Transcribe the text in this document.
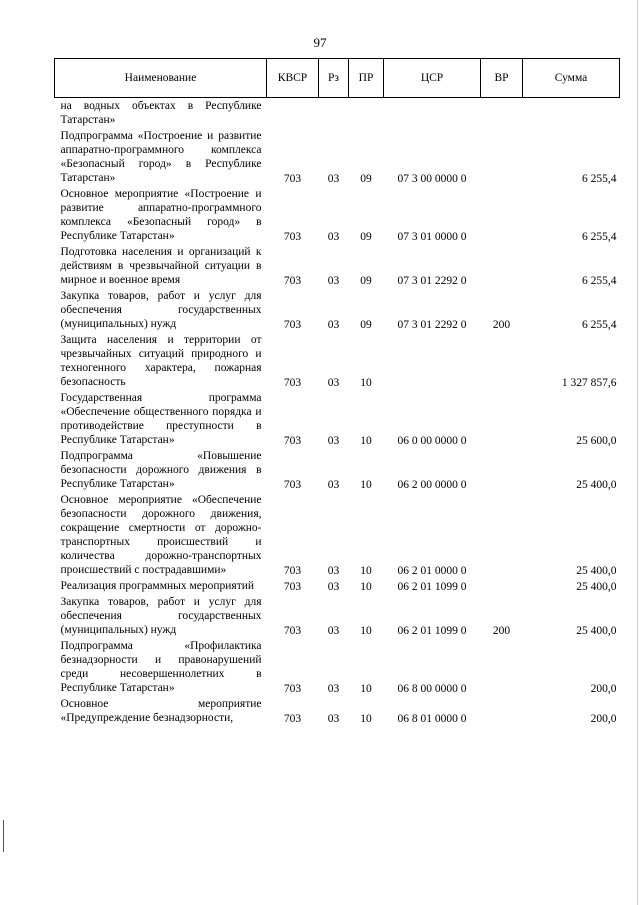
97
Наименование	КВСР	Рз	ПР	ЦСР	ВР	Сумма
на водных объектах в Республике Татарстан»						
Подпрограмма «Построение и развитие аппаратно-программного комплекса «Безопасный город» в Республике Татарстан»	703	03	09	07 3 00 0000 0		6 255,4
Основное мероприятие «Построение и развитие аппаратно-программного комплекса «Безопасный город» в Республике Татарстан»	703	03	09	07 3 01 0000 0		6 255,4
Подготовка населения и организаций к действиям в чрезвычайной ситуации в мирное и военное время	703	03	09	07 3 01 2292 0		6 255,4
Закупка товаров, работ и услуг для обеспечения государственных (муниципальных) нужд	703	03	09	07 3 01 2292 0	200	6 255,4
Защита населения и территории от чрезвычайных ситуаций природного и техногенного характера, пожарная безопасность	703	03	10			1 327 857,6
Государственная программа «Обеспечение общественного порядка и противодействие преступности в Республике Татарстан»	703	03	10	06 0 00 0000 0		25 600,0
Подпрограмма «Повышение безопасности дорожного движения в Республике Татарстан»	703	03	10	06 2 00 0000 0		25 400,0
Основное мероприятие «Обеспечение безопасности дорожного движения, сокращение смертности от дорожно-транспортных происшествий и количества дорожно-транспортных происшествий с пострадавшими»	703	03	10	06 2 01 0000 0		25 400,0
Реализация программных мероприятий	703	03	10	06 2 01 1099 0		25 400,0
Закупка товаров, работ и услуг для обеспечения государственных (муниципальных) нужд	703	03	10	06 2 01 1099 0	200	25 400,0
Подпрограмма «Профилактика безнадзорности и правонарушений среди несовершеннолетних в Республике Татарстан»	703	03	10	06 8 00 0000 0		200,0
Основное мероприятие «Предупреждение безнадзорности,	703	03	10	06 8 01 0000 0		200,0
